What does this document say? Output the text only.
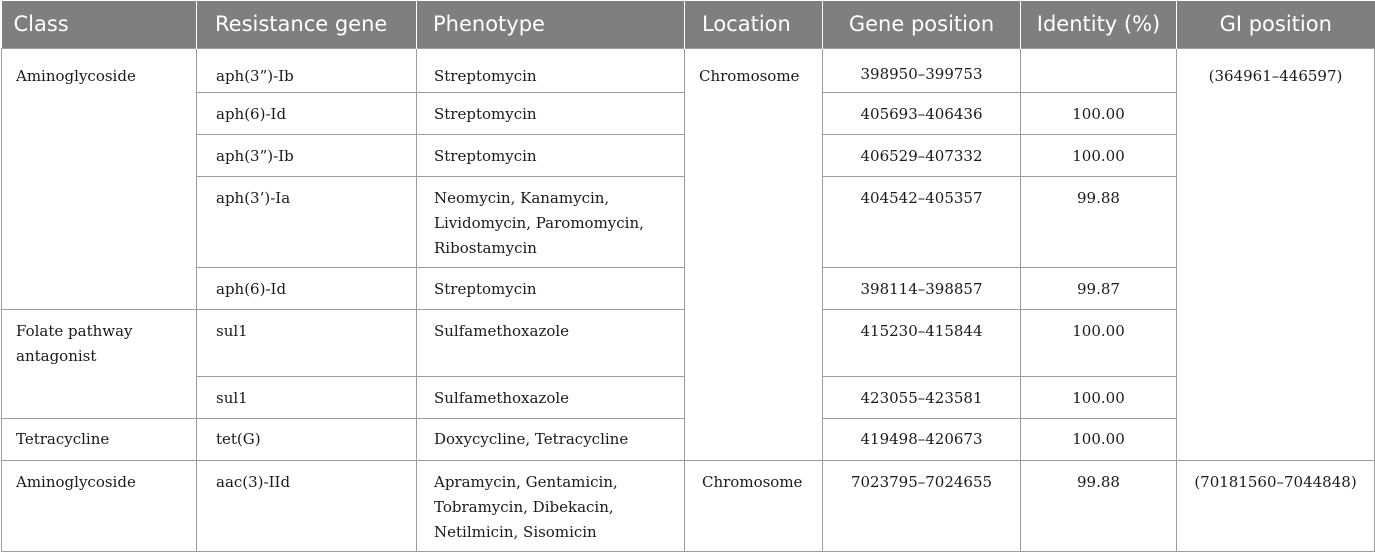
Class	Resistance gene	Phenotype	Location	Gene position	Identity (%)	GI position
Aminoglycoside	aph(3”)-Ib	Streptomycin	Chromosome	398950–399753		(364961–446597)
	aph(6)-Id	Streptomycin		405693–406436	100.00	
	aph(3”)-Ib	Streptomycin		406529–407332	100.00	
	aph(3’)-Ia	Neomycin, Kanamycin, Lividomycin, Paromomycin, Ribostamycin		404542–405357	99.88	
	aph(6)-Id	Streptomycin		398114–398857	99.87	
Folate pathway antagonist	sul1	Sulfamethoxazole		415230–415844	100.00	
	sul1	Sulfamethoxazole		423055–423581	100.00	
Tetracycline	tet(G)	Doxycycline, Tetracycline		419498–420673	100.00	
Aminoglycoside	aac(3)-IId	Apramycin, Gentamicin, Tobramycin, Dibekacin, Netilmicin, Sisomicin	Chromosome	7023795–7024655	99.88	(70181560–7044848)
